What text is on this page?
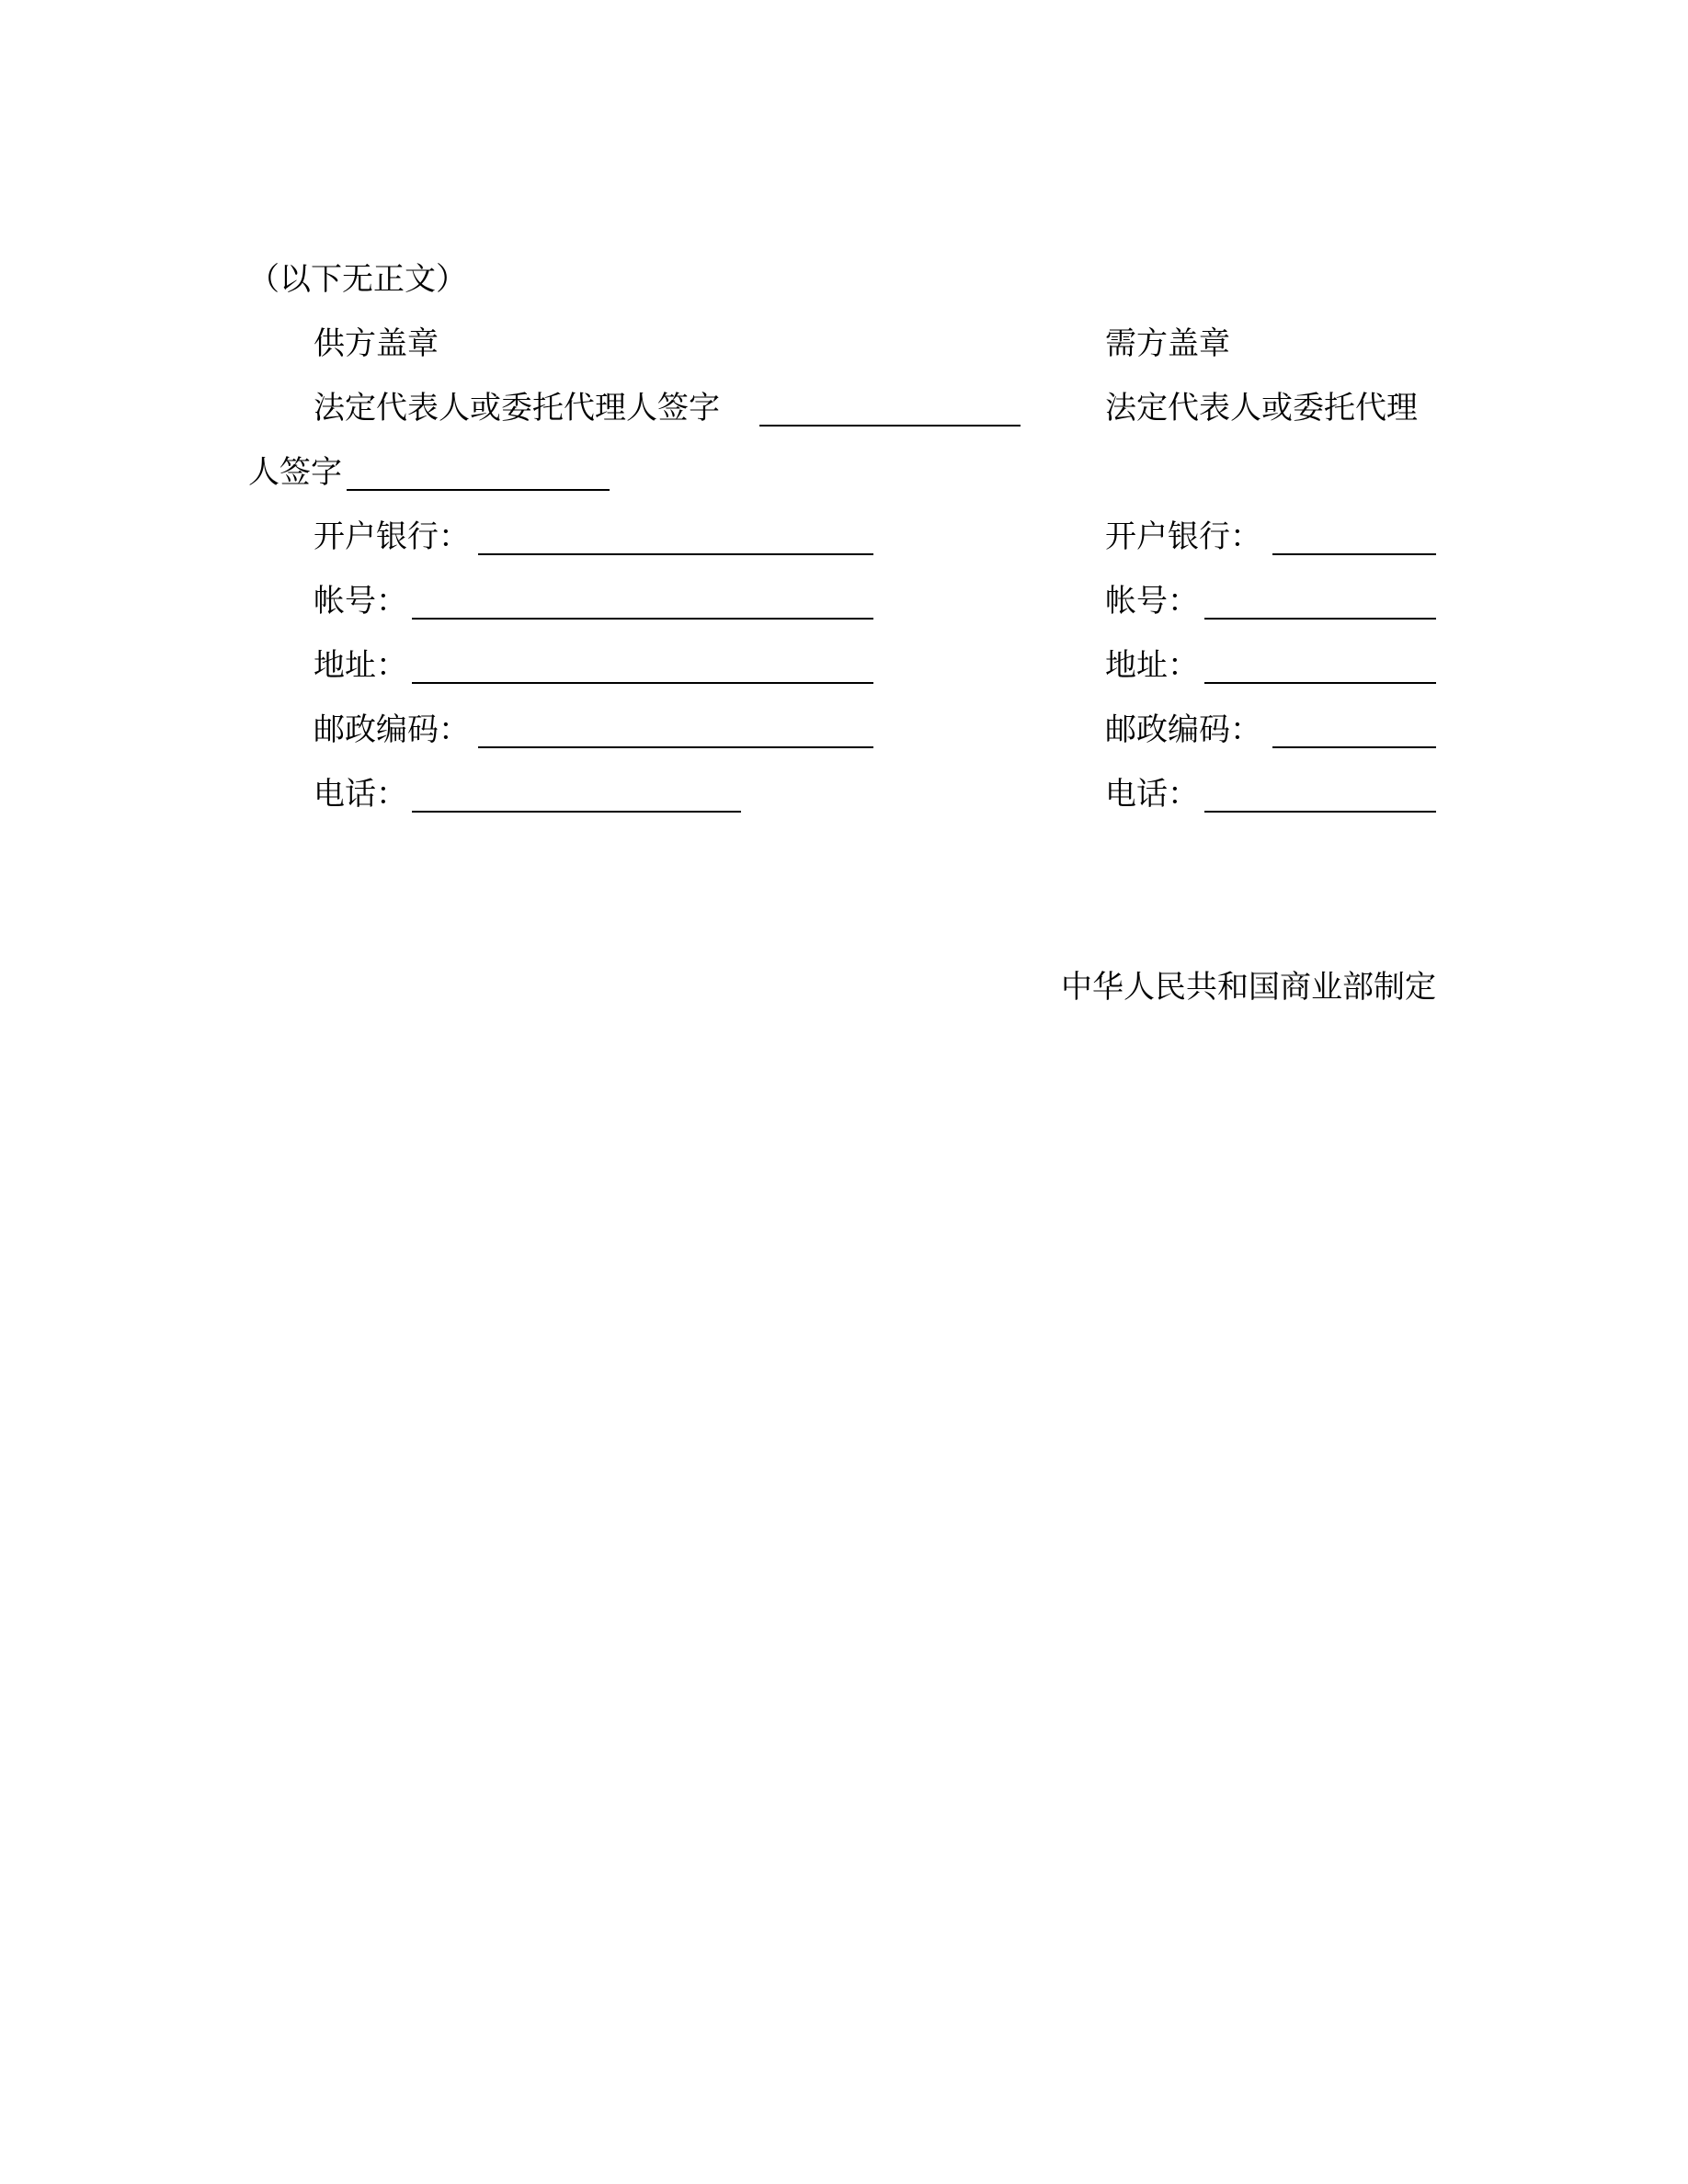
（以下无正文）
供方盖章	需方盖章
法定代表人或委托代理人签字	法定代表人或委托代理
人签字
开户银行：	开户银行：
帐号：	帐号：
地址：	地址：
邮政编码：	邮政编码：
电话：	电话：
中华人民共和国商业部制定
